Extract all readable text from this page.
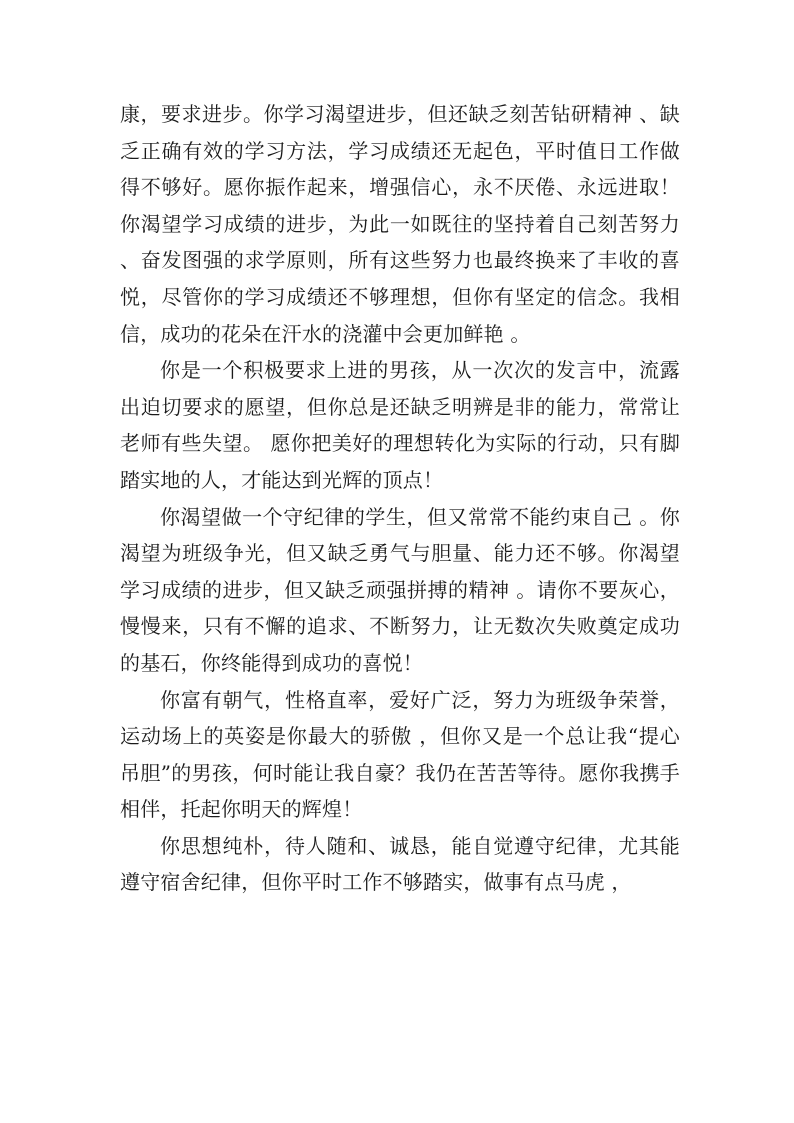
康，要求进步。你学习渴望进步，但还缺乏刻苦钻研精神 、缺乏正确有效的学习方法，学习成绩还无起色，平时值日工作做得不够好。愿你振作起来，增强信心，永不厌倦、永远进取！你渴望学习成绩的进步，为此一如既往的坚持着自己刻苦努力、奋发图强的求学原则，所有这些努力也最终换来了丰收的喜悦，尽管你的学习成绩还不够理想，但你有坚定的信念。我相信，成功的花朵在汗水的浇灌中会更加鲜艳 。

你是一个积极要求上进的男孩，从一次次的发言中，流露出迫切要求的愿望，但你总是还缺乏明辨是非的能力，常常让老师有些失望。 愿你把美好的理想转化为实际的行动，只有脚踏实地的人，才能达到光辉的顶点！

你渴望做一个守纪律的学生，但又常常不能约束自己 。你渴望为班级争光，但又缺乏勇气与胆量、能力还不够。你渴望学习成绩的进步，但又缺乏顽强拼搏的精神 。请你不要灰心，慢慢来，只有不懈的追求、不断努力，让无数次失败奠定成功的基石，你终能得到成功的喜悦！

你富有朝气，性格直率，爱好广泛，努力为班级争荣誉，运动场上的英姿是你最大的骄傲 ，但你又是一个总让我“提心吊胆”的男孩，何时能让我自豪？我仍在苦苦等待。愿你我携手相伴，托起你明天的辉煌！

你思想纯朴，待人随和、诚恳，能自觉遵守纪律，尤其能遵守宿舍纪律，但你平时工作不够踏实，做事有点马虎 ，
